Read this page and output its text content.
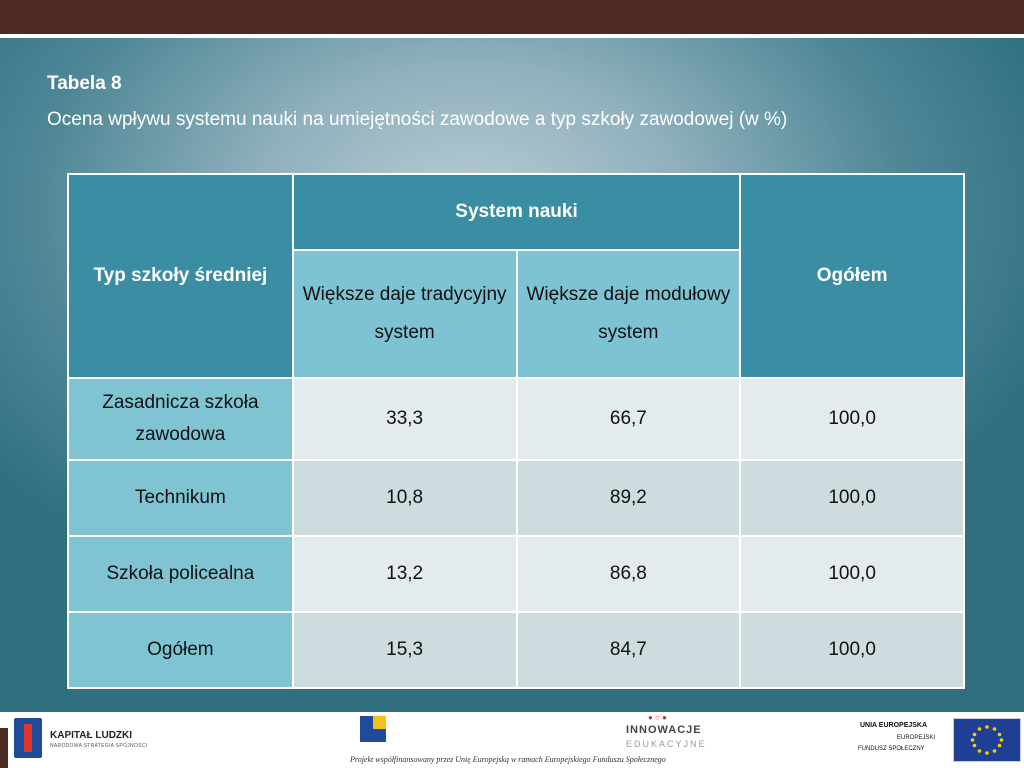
Tabela 8
Ocena wpływu systemu nauki na umiejętności zawodowe a typ szkoły zawodowej (w %)
Typ szkoły średniej	System nauki		Ogółem
	Większe daje tradycyjny system	Większe daje modułowy system	
Zasadnicza szkoła zawodowa	33,3	66,7	100,0
Technikum	10,8	89,2	100,0
Szkoła policealna	13,2	86,8	100,0
Ogółem	15,3	84,7	100,0
KAPITAŁ LUDZKI
NARODOWA STRATEGIA SPÓJNOŚCI
● ○ ●
INNOWACJE
EDUKACYJNE
Projekt współfinansowany przez Unię Europejską w ramach Europejskiego Funduszu Społecznego
UNIA EUROPEJSKA
EUROPEJSKI
FUNDUSZ SPOŁECZNY
